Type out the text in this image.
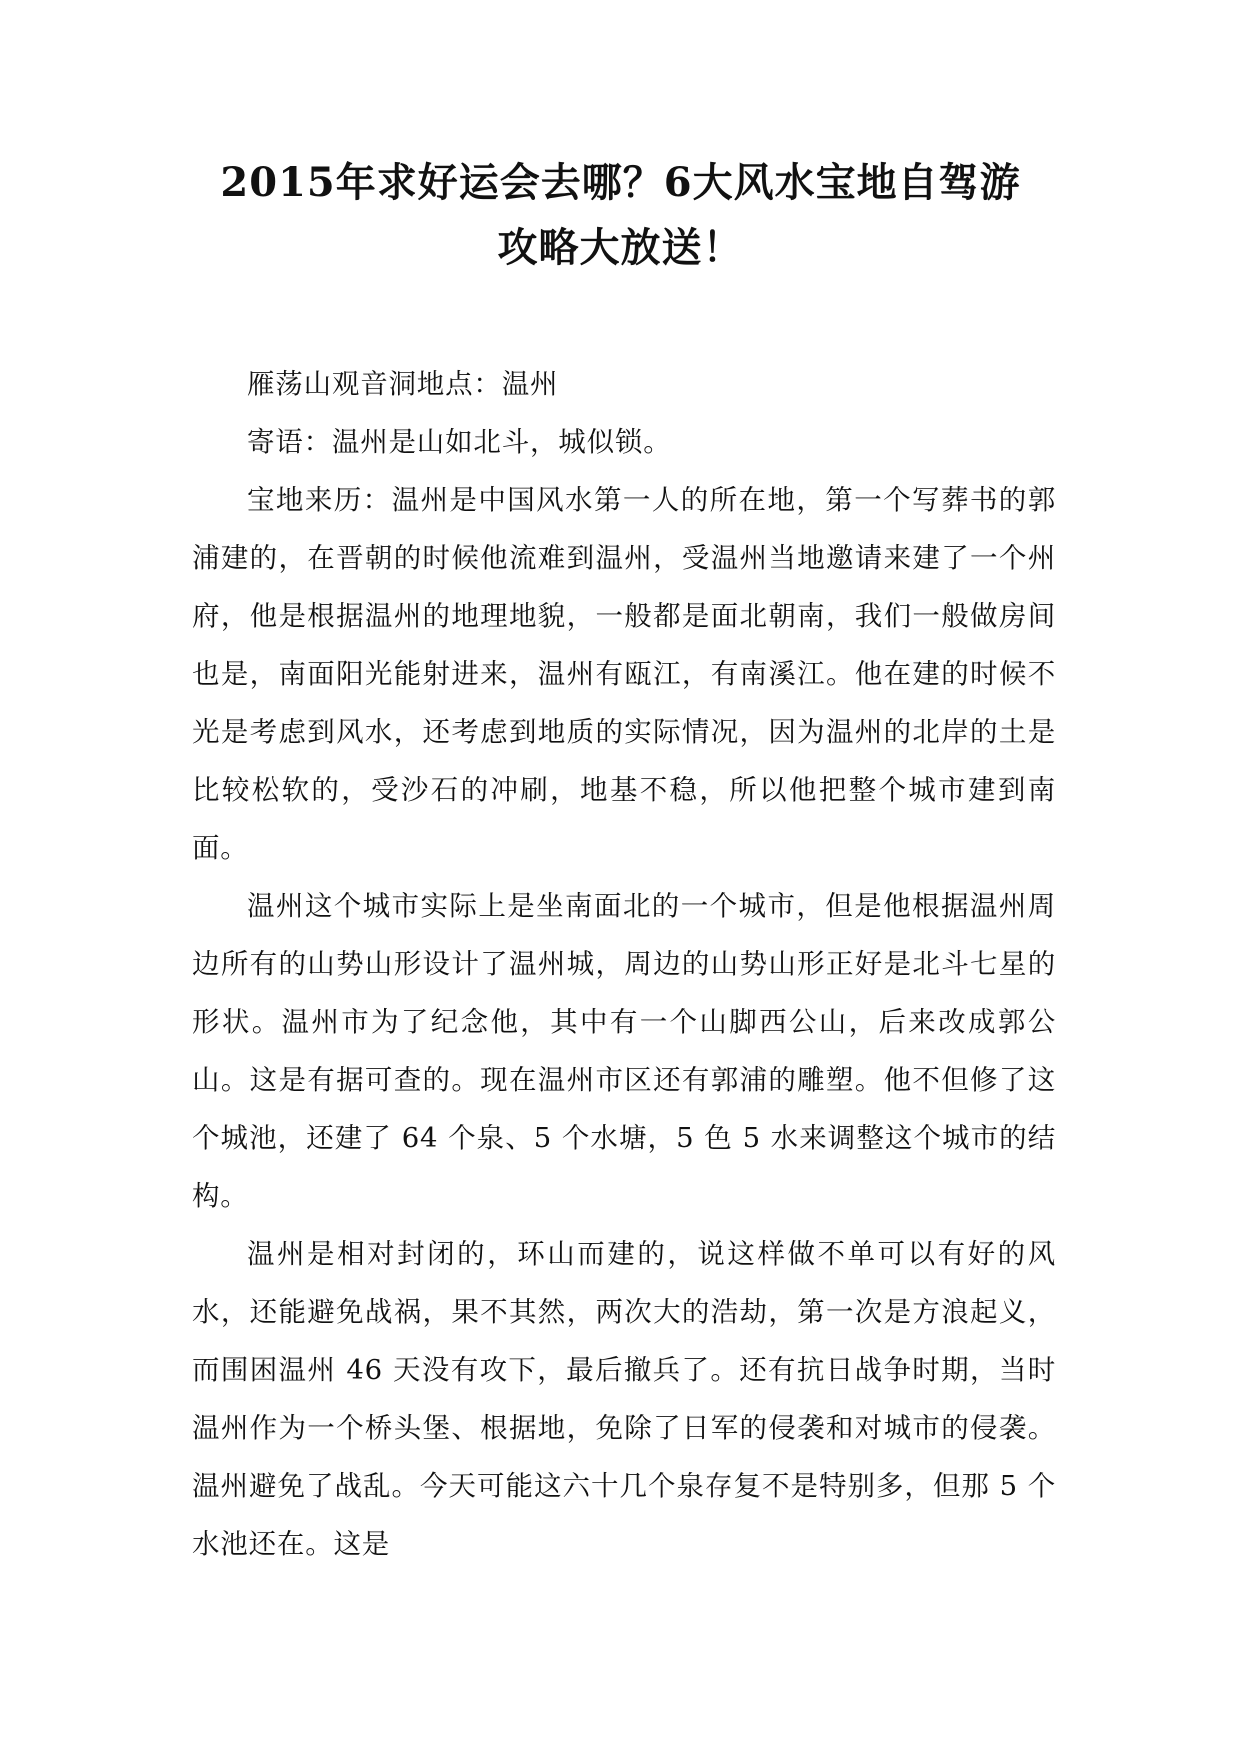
2015年求好运会去哪？6大风水宝地自驾游
攻略大放送！

雁荡山观音洞地点：温州

寄语：温州是山如北斗，城似锁。

宝地来历：温州是中国风水第一人的所在地，第一个写葬书的郭浦建的，在晋朝的时候他流难到温州，受温州当地邀请来建了一个州府，他是根据温州的地理地貌，一般都是面北朝南，我们一般做房间也是，南面阳光能射进来，温州有瓯江，有南溪江。他在建的时候不光是考虑到风水，还考虑到地质的实际情况，因为温州的北岸的土是比较松软的，受沙石的冲刷，地基不稳，所以他把整个城市建到南面。

温州这个城市实际上是坐南面北的一个城市，但是他根据温州周边所有的山势山形设计了温州城，周边的山势山形正好是北斗七星的形状。温州市为了纪念他，其中有一个山脚西公山，后来改成郭公山。这是有据可查的。现在温州市区还有郭浦的雕塑。他不但修了这个城池，还建了 64 个泉、5 个水塘，5 色 5 水来调整这个城市的结构。

温州是相对封闭的，环山而建的，说这样做不单可以有好的风水，还能避免战祸，果不其然，两次大的浩劫，第一次是方浪起义，而围困温州 46 天没有攻下，最后撤兵了。还有抗日战争时期，当时温州作为一个桥头堡、根据地，免除了日军的侵袭和对城市的侵袭。温州避免了战乱。今天可能这六十几个泉存复不是特别多，但那 5 个水池还在。这是
